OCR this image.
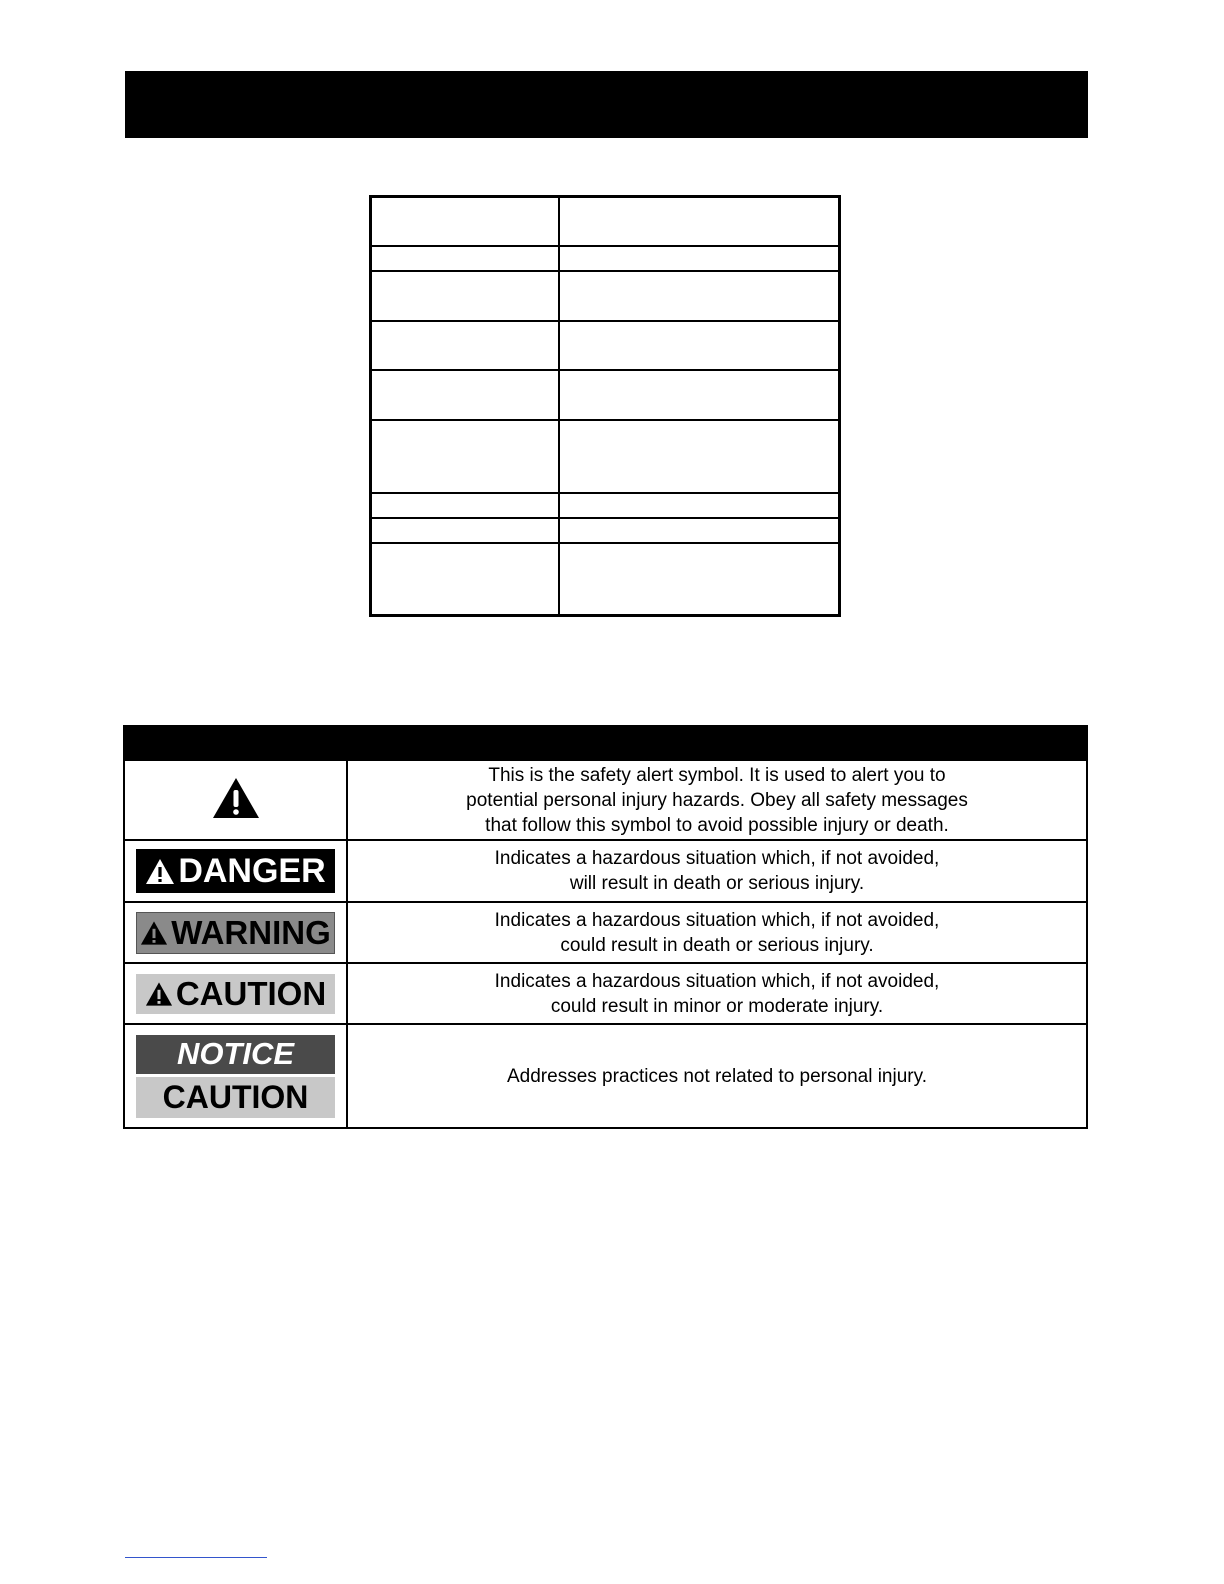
This is the safety alert symbol. It is used to alert you to
potential personal injury hazards. Obey all safety messages
that follow this symbol to avoid possible injury or death.

DANGER	Indicates a hazardous situation which, if not avoided,
will result in death or serious injury.

WARNING	Indicates a hazardous situation which, if not avoided,
could result in death or serious injury.

CAUTION	Indicates a hazardous situation which, if not avoided,
could result in minor or moderate injury.

NOTICE
CAUTION	Addresses practices not related to personal injury.
